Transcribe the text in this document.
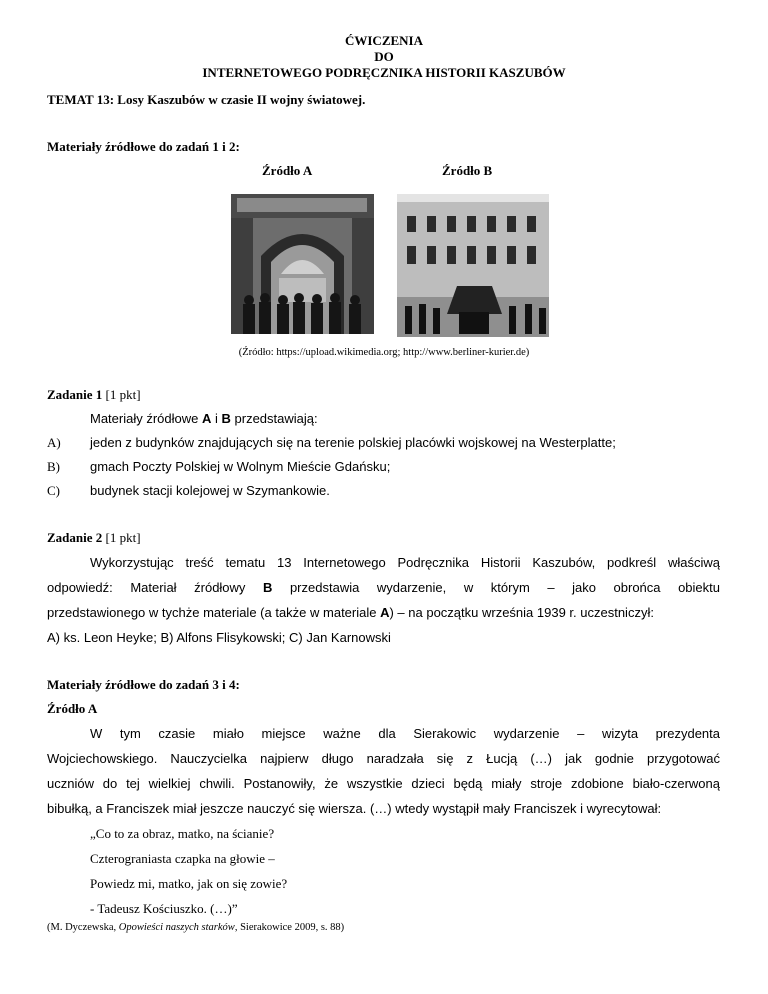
ĆWICZENIA
DO
INTERNETOWEGO PODRĘCZNIKA HISTORII KASZUBÓW
TEMAT 13: Losy Kaszubów w czasie II wojny światowej.
Materiały źródłowe do zadań 1 i 2:
Źródło A	Źródło B
(Źródło: https://upload.wikimedia.org; http://www.berliner-kurier.de)
Zadanie 1 [1 pkt]
Materiały źródłowe A i B przedstawiają:
A) jeden z budynków znajdujących się na terenie polskiej placówki wojskowej na Westerplatte;
B) gmach Poczty Polskiej w Wolnym Mieście Gdańsku;
C) budynek stacji kolejowej w Szymankowie.
Zadanie 2 [1 pkt]
Wykorzystując treść tematu 13 Internetowego Podręcznika Historii Kaszubów, podkreśl właściwą
odpowiedź: Materiał źródłowy B przedstawia wydarzenie, w którym – jako obrońca obiektu
przedstawionego w tychże materiale (a także w materiale A) – na początku września 1939 r. uczestniczył:
A) ks. Leon Heyke; B) Alfons Flisykowski; C) Jan Karnowski
Materiały źródłowe do zadań 3 i 4:
Źródło A
W tym czasie miało miejsce ważne dla Sierakowic wydarzenie – wizyta prezydenta
Wojciechowskiego. Nauczycielka najpierw długo naradzała się z Łucją (…) jak godnie przygotować
uczniów do tej wielkiej chwili. Postanowiły, że wszystkie dzieci będą miały stroje zdobione biało-czerwoną
bibułką, a Franciszek miał jeszcze nauczyć się wiersza. (…) wtedy wystąpił mały Franciszek i wyrecytował:
„Co to za obraz, matko, na ścianie?
Czterograniasta czapka na głowie –
Powiedz mi, matko, jak on się zowie?
- Tadeusz Kościuszko. (…)”
(M. Dyczewska, Opowieści naszych starków, Sierakowice 2009, s. 88)
